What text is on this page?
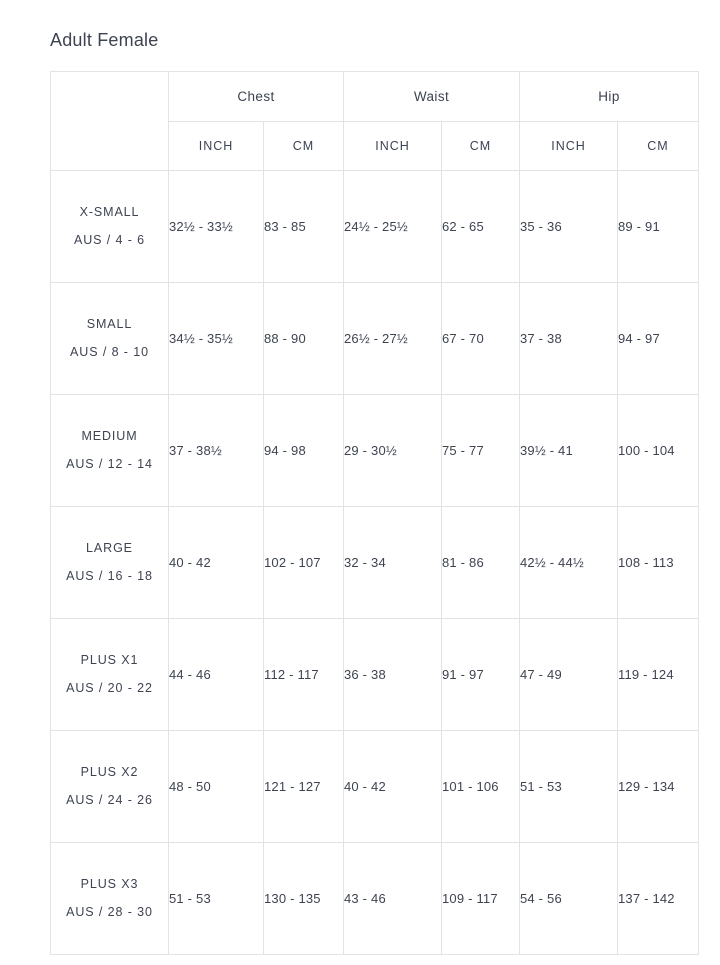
Adult Female
	Chest		Waist		Hip	
	INCH	CM	INCH	CM	INCH	CM

X-SMALL
AUS / 4 - 6	32½ - 33½	83 - 85	24½ - 25½	62 - 65	35 - 36	89 - 91

SMALL
AUS / 8 - 10	34½ - 35½	88 - 90	26½ - 27½	67 - 70	37 - 38	94 - 97

MEDIUM
AUS / 12 - 14	37 - 38½	94 - 98	29 - 30½	75 - 77	39½ - 41	100 - 104

LARGE
AUS / 16 - 18	40 - 42	102 - 107	32 - 34	81 - 86	42½ - 44½	108 - 113

PLUS X1
AUS / 20 - 22	44 - 46	112 - 117	36 - 38	91 - 97	47 - 49	119 - 124

PLUS X2
AUS / 24 - 26	48 - 50	121 - 127	40 - 42	101 - 106	51 - 53	129 - 134

PLUS X3
AUS / 28 - 30	51 - 53	130 - 135	43 - 46	109 - 117	54 - 56	137 - 142
